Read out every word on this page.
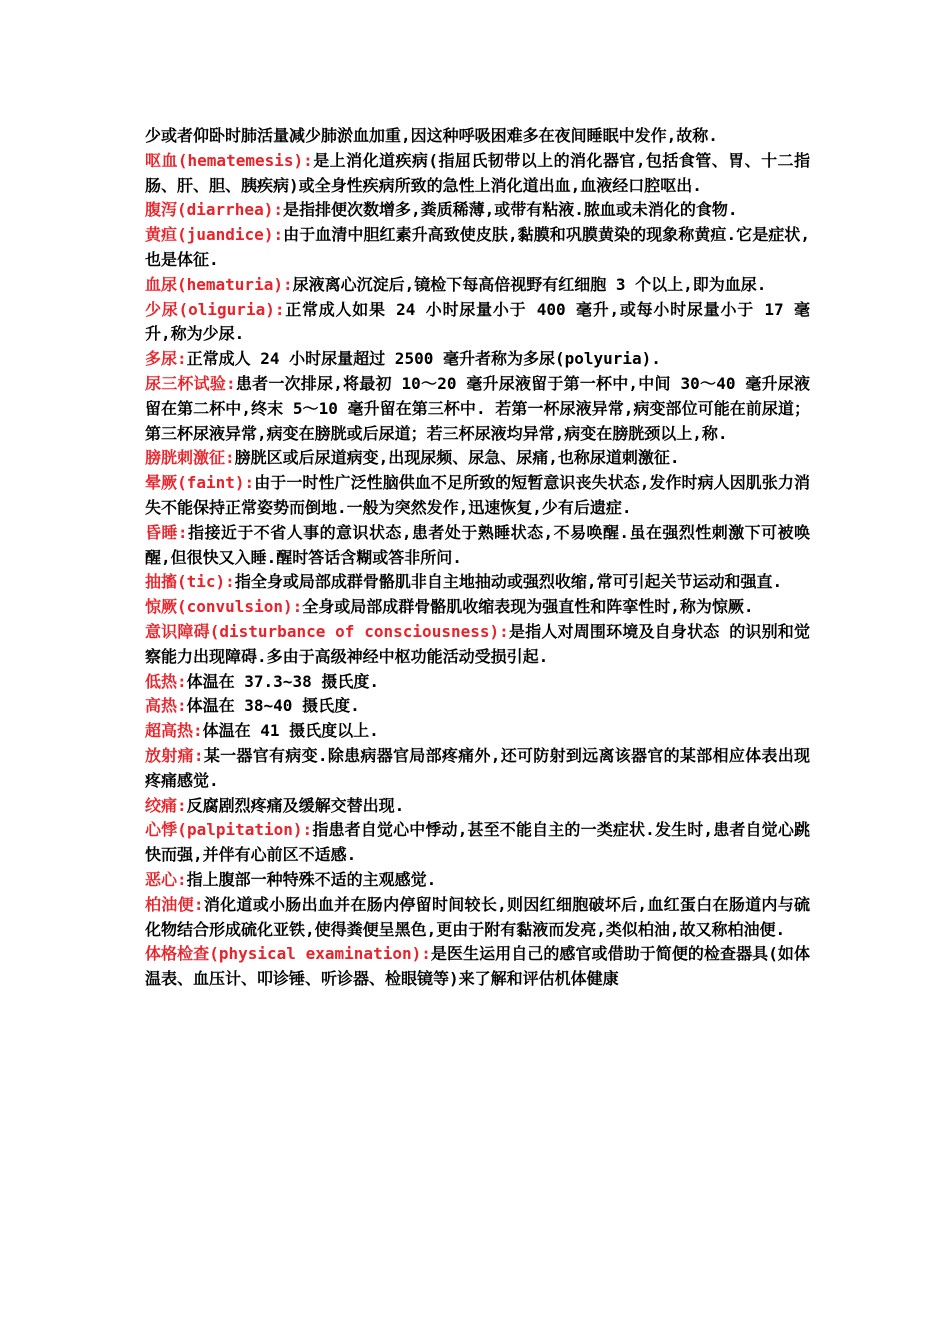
少或者仰卧时肺活量减少肺淤血加重,因这种呼吸困难多在夜间睡眠中发作,故称.

呕血(hematemesis):是上消化道疾病(指屈氏韧带以上的消化器官,包括食管、胃、十二指肠、肝、胆、胰疾病)或全身性疾病所致的急性上消化道出血,血液经口腔呕出.

腹泻(diarrhea):是指排便次数增多,粪质稀薄,或带有粘液.脓血或未消化的食物.

黄疸(juandice):由于血清中胆红素升高致使皮肤,黏膜和巩膜黄染的现象称黄疸.它是症状,也是体征.

血尿(hematuria):尿液离心沉淀后,镜检下每高倍视野有红细胞 3 个以上,即为血尿.

少尿(oliguria):正常成人如果 24 小时尿量小于 400 毫升,或每小时尿量小于 17 毫升,称为少尿.

多尿:正常成人 24 小时尿量超过 2500 毫升者称为多尿(polyuria).

尿三杯试验:患者一次排尿,将最初 10～20 毫升尿液留于第一杯中,中间 30～40 毫升尿液留在第二杯中,终末 5～10 毫升留在第三杯中. 若第一杯尿液异常,病变部位可能在前尿道；第三杯尿液异常,病变在膀胱或后尿道；若三杯尿液均异常,病变在膀胱颈以上,称.

膀胱刺激征:膀胱区或后尿道病变,出现尿频、尿急、尿痛,也称尿道刺激征.

晕厥(faint):由于一时性广泛性脑供血不足所致的短暂意识丧失状态,发作时病人因肌张力消失不能保持正常姿势而倒地.一般为突然发作,迅速恢复,少有后遗症.

昏睡:指接近于不省人事的意识状态,患者处于熟睡状态,不易唤醒.虽在强烈性刺激下可被唤醒,但很快又入睡.醒时答话含糊或答非所问.

抽搐(tic):指全身或局部成群骨骼肌非自主地抽动或强烈收缩,常可引起关节运动和强直.

惊厥(convulsion):全身或局部成群骨骼肌收缩表现为强直性和阵挛性时,称为惊厥.

意识障碍(disturbance of consciousness):是指人对周围环境及自身状态 的识别和觉察能力出现障碍.多由于高级神经中枢功能活动受损引起.

低热:体温在 37.3~38 摄氏度.

高热:体温在 38~40 摄氏度.

超高热:体温在 41 摄氏度以上.

放射痛:某一器官有病变.除患病器官局部疼痛外,还可防射到远离该器官的某部相应体表出现疼痛感觉.

绞痛:反腐剧烈疼痛及缓解交替出现.

心悸(palpitation):指患者自觉心中悸动,甚至不能自主的一类症状.发生时,患者自觉心跳快而强,并伴有心前区不适感.

恶心:指上腹部一种特殊不适的主观感觉.

柏油便:消化道或小肠出血并在肠内停留时间较长,则因红细胞破坏后,血红蛋白在肠道内与硫化物结合形成硫化亚铁,使得粪便呈黑色,更由于附有黏液而发亮,类似柏油,故又称柏油便.

体格检查(physical examination):是医生运用自己的感官或借助于简便的检查器具(如体温表、血压计、叩诊锤、听诊器、检眼镜等)来了解和评估机体健康
